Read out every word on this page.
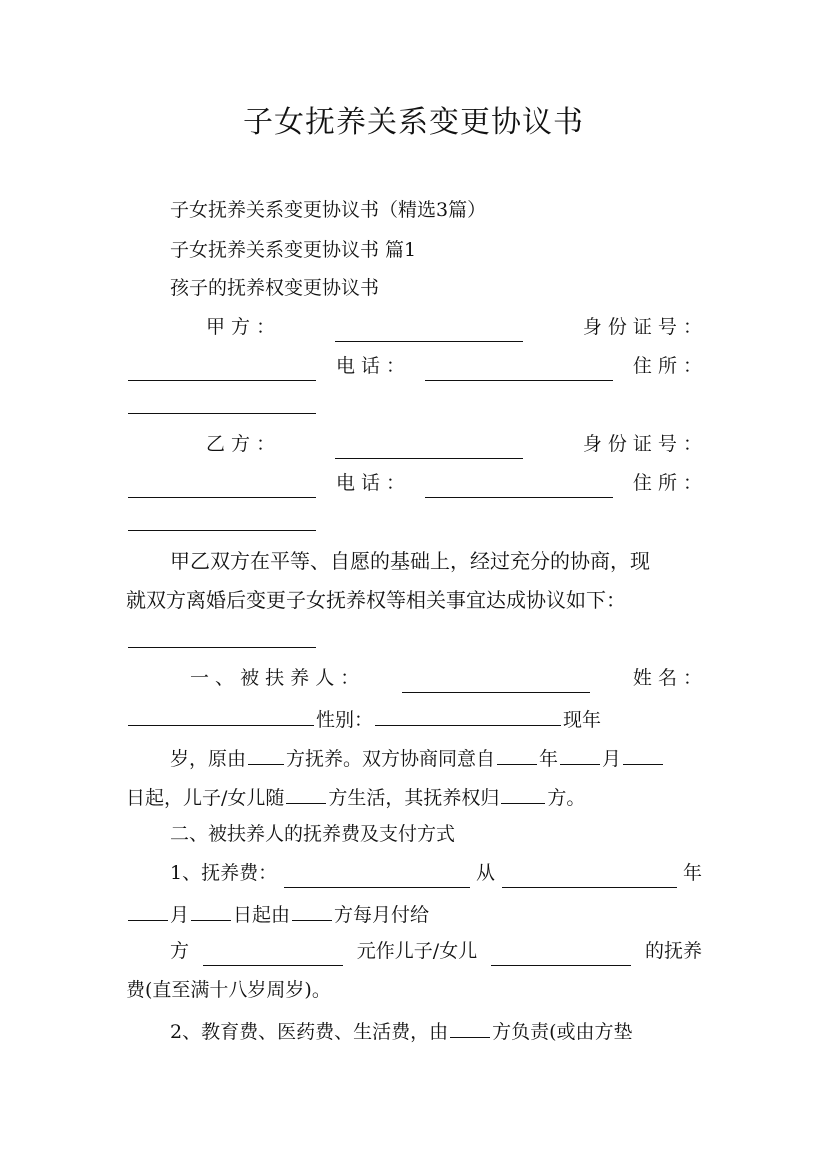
子女抚养关系变更协议书
子女抚养关系变更协议书（精选3篇）
子女抚养关系变更协议书 篇1
孩子的抚养权变更协议书
甲 方 ：	身 份 证 号 ：
电 话 ：	住 所 ：
乙 方 ：	身 份 证 号 ：
电 话 ：	住 所 ：
甲乙双方在平等、自愿的基础上，经过充分的协商，现
就双方离婚后变更子女抚养权等相关事宜达成协议如下：
一 、 被 扶 养 人 ：	姓 名 ：
性别：	现年
岁，原由 方抚养。双方协商同意自 年 月
日起，儿子/女儿随 方生活，其抚养权归	方。
二、被扶养人的抚养费及支付方式
1、抚养费：	从	年
月 日起由 方每月付给
方	元作儿子/女儿	的抚养
费(直至满十八岁周岁)。
2、教育费、医药费、生活费，由 方负责(或由方垫
